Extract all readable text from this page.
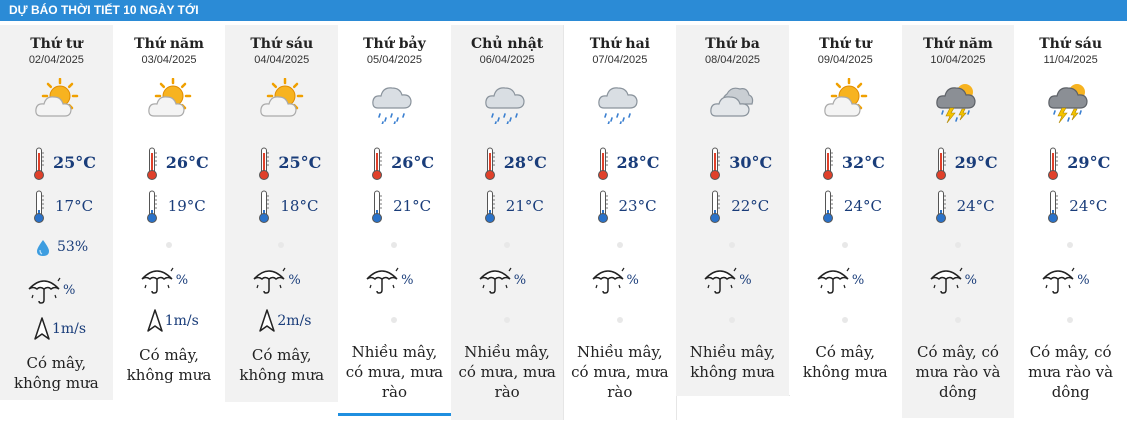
DỰ BÁO THỜI TIẾT 10 NGÀY TỚI
Thứ tư
02/04/2025
25°C
17°C
53%
%
1m/s
Có mây,
không mưa
Thứ năm
03/04/2025
26°C
19°C
%
1m/s
Có mây,
không mưa
Thứ sáu
04/04/2025
25°C
18°C
%
2m/s
Có mây,
không mưa
Thứ bảy
05/04/2025
26°C
21°C
%
Nhiều mây,
có mưa, mưa
rào
Chủ nhật
06/04/2025
28°C
21°C
%
Nhiều mây,
có mưa, mưa
rào
Thứ hai
07/04/2025
28°C
23°C
%
Nhiều mây,
có mưa, mưa
rào
Thứ ba
08/04/2025
30°C
22°C
%
Nhiều mây,
không mưa
Thứ tư
09/04/2025
32°C
24°C
%
Có mây,
không mưa
Thứ năm
10/04/2025
29°C
24°C
%
Có mây, có
mưa rào và
dông
Thứ sáu
11/04/2025
29°C
24°C
%
Có mây, có
mưa rào và
dông
